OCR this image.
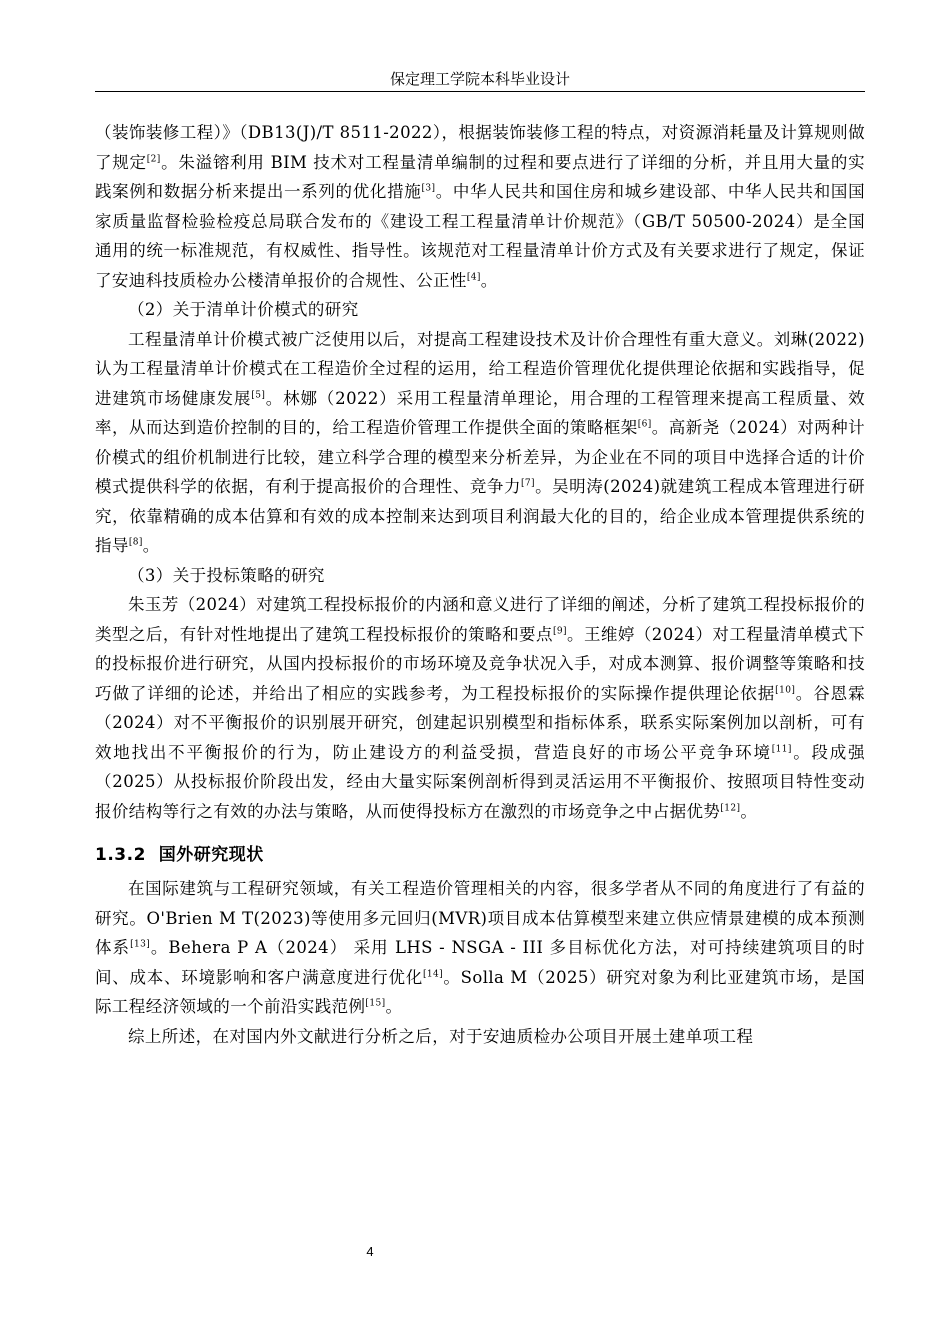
保定理工学院本科毕业设计

（装饰装修工程）》（DB13(J)/T 8511-2022），根据装饰装修工程的特点，对资源消耗量及计算规则做了规定[2]。朱溢镕利用 BIM 技术对工程量清单编制的过程和要点进行了详细的分析，并且用大量的实践案例和数据分析来提出一系列的优化措施[3]。中华人民共和国住房和城乡建设部、中华人民共和国国家质量监督检验检疫总局联合发布的《建设工程工程量清单计价规范》（GB/T 50500-2024）是全国通用的统一标准规范，有权威性、指导性。该规范对工程量清单计价方式及有关要求进行了规定，保证了安迪科技质检办公楼清单报价的合规性、公正性[4]。

（2）关于清单计价模式的研究

工程量清单计价模式被广泛使用以后，对提高工程建设技术及计价合理性有重大意义。刘琳(2022)认为工程量清单计价模式在工程造价全过程的运用，给工程造价管理优化提供理论依据和实践指导，促进建筑市场健康发展[5]。林娜（2022）采用工程量清单理论，用合理的工程管理来提高工程质量、效率，从而达到造价控制的目的，给工程造价管理工作提供全面的策略框架[6]。高新尧（2024）对两种计价模式的组价机制进行比较，建立科学合理的模型来分析差异，为企业在不同的项目中选择合适的计价模式提供科学的依据，有利于提高报价的合理性、竞争力[7]。吴明涛(2024)就建筑工程成本管理进行研究，依靠精确的成本估算和有效的成本控制来达到项目利润最大化的目的，给企业成本管理提供系统的指导[8]。

（3）关于投标策略的研究

朱玉芳（2024）对建筑工程投标报价的内涵和意义进行了详细的阐述，分析了建筑工程投标报价的类型之后，有针对性地提出了建筑工程投标报价的策略和要点[9]。王维婷（2024）对工程量清单模式下的投标报价进行研究，从国内投标报价的市场环境及竞争状况入手，对成本测算、报价调整等策略和技巧做了详细的论述，并给出了相应的实践参考，为工程投标报价的实际操作提供理论依据[10]。谷恩霖（2024）对不平衡报价的识别展开研究，创建起识别模型和指标体系，联系实际案例加以剖析，可有效地找出不平衡报价的行为，防止建设方的利益受损，营造良好的市场公平竞争环境[11]。段成强（2025）从投标报价阶段出发，经由大量实际案例剖析得到灵活运用不平衡报价、按照项目特性变动报价结构等行之有效的办法与策略，从而使得投标方在激烈的市场竞争之中占据优势[12]。

1.3.2 国外研究现状

在国际建筑与工程研究领域，有关工程造价管理相关的内容，很多学者从不同的角度进行了有益的研究。O'Brien M T(2023)等使用多元回归(MVR)项目成本估算模型来建立供应情景建模的成本预测体系[13]。Behera P A（2024） 采用 LHS - NSGA - III 多目标优化方法，对可持续建筑项目的时间、成本、环境影响和客户满意度进行优化[14]。Solla M（2025）研究对象为利比亚建筑市场，是国际工程经济领域的一个前沿实践范例[15]。

综上所述，在对国内外文献进行分析之后，对于安迪质检办公项目开展土建单项工程

4
